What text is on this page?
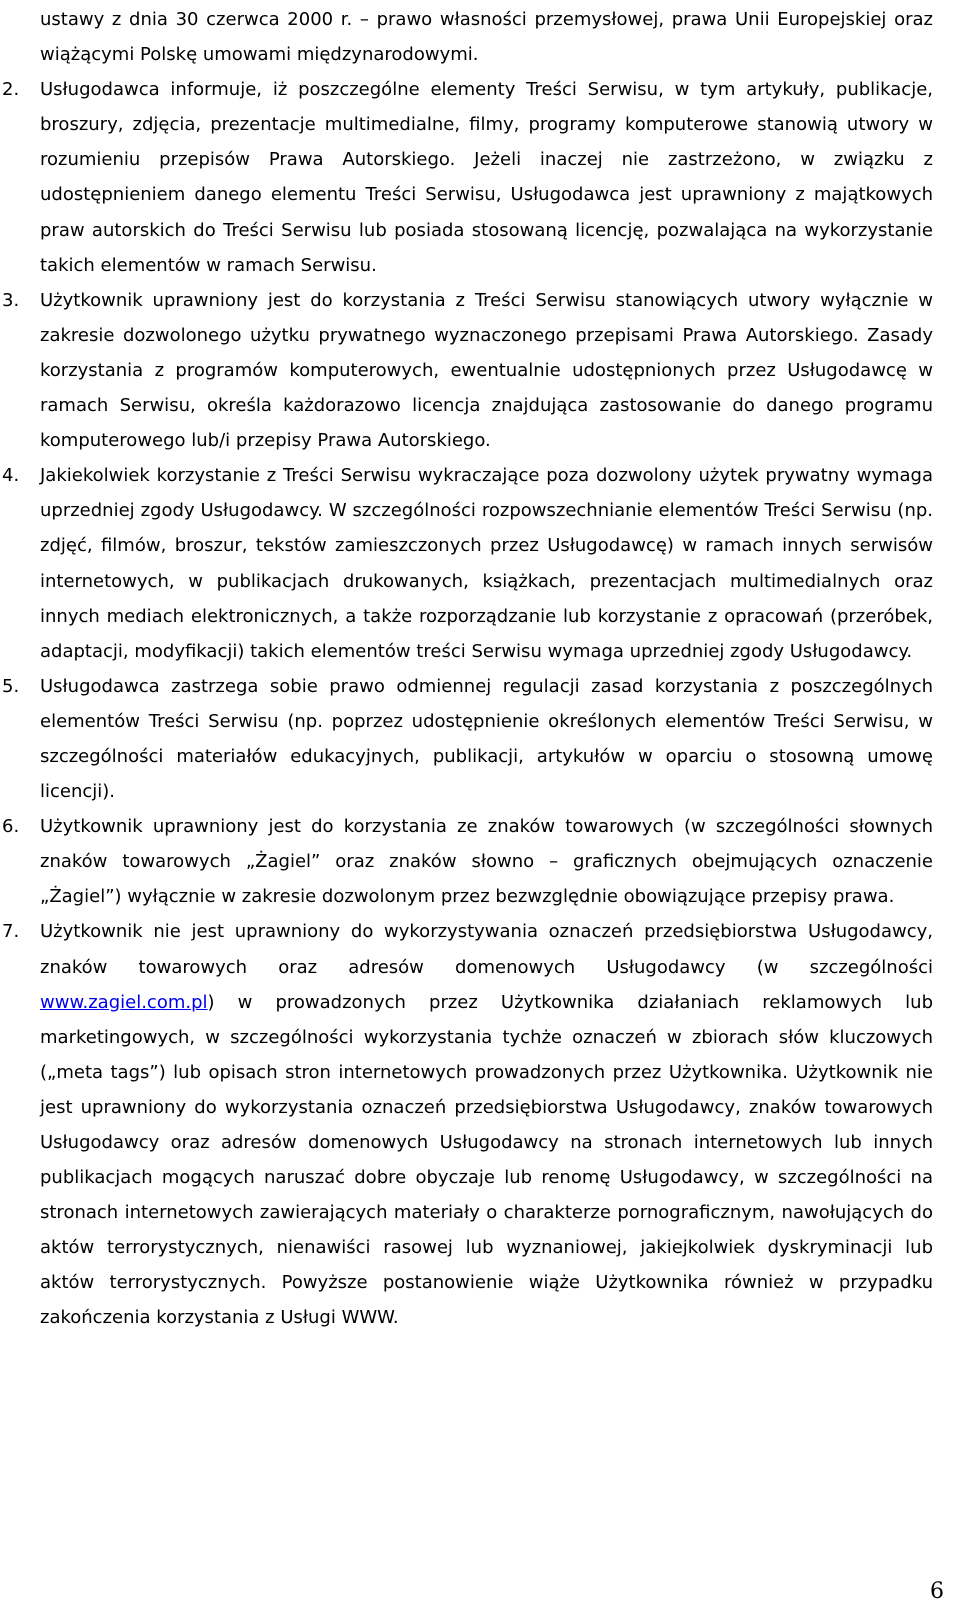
ustawy z dnia 30 czerwca 2000 r. – prawo własności przemysłowej, prawa Unii Europejskiej oraz wiążącymi Polskę umowami międzynarodowymi.

2. Usługodawca informuje, iż poszczególne elementy Treści Serwisu, w tym artykuły, publikacje, broszury, zdjęcia, prezentacje multimedialne, filmy, programy komputerowe stanowią utwory w rozumieniu przepisów Prawa Autorskiego. Jeżeli inaczej nie zastrzeżono, w związku z udostępnieniem danego elementu Treści Serwisu, Usługodawca jest uprawniony z majątkowych praw autorskich do Treści Serwisu lub posiada stosowaną licencję, pozwalająca na wykorzystanie takich elementów w ramach Serwisu.

3. Użytkownik uprawniony jest do korzystania z Treści Serwisu stanowiących utwory wyłącznie w zakresie dozwolonego użytku prywatnego wyznaczonego przepisami Prawa Autorskiego. Zasady korzystania z programów komputerowych, ewentualnie udostępnionych przez Usługodawcę w ramach Serwisu, określa każdorazowo licencja znajdująca zastosowanie do danego programu komputerowego lub/i przepisy Prawa Autorskiego.

4. Jakiekolwiek korzystanie z Treści Serwisu wykraczające poza dozwolony użytek prywatny wymaga uprzedniej zgody Usługodawcy. W szczególności rozpowszechnianie elementów Treści Serwisu (np. zdjęć, filmów, broszur, tekstów zamieszczonych przez Usługodawcę) w ramach innych serwisów internetowych, w publikacjach drukowanych, książkach, prezentacjach multimedialnych oraz innych mediach elektronicznych, a także rozporządzanie lub korzystanie z opracowań (przeróbek, adaptacji, modyfikacji) takich elementów treści Serwisu wymaga uprzedniej zgody Usługodawcy.

5. Usługodawca zastrzega sobie prawo odmiennej regulacji zasad korzystania z poszczególnych elementów Treści Serwisu (np. poprzez udostępnienie określonych elementów Treści Serwisu, w szczególności materiałów edukacyjnych, publikacji, artykułów w oparciu o stosowną umowę licencji).

6. Użytkownik uprawniony jest do korzystania ze znaków towarowych (w szczególności słownych znaków towarowych „Żagiel” oraz znaków słowno – graficznych obejmujących oznaczenie „Żagiel”) wyłącznie w zakresie dozwolonym przez bezwzględnie obowiązujące przepisy prawa.

7. Użytkownik nie jest uprawniony do wykorzystywania oznaczeń przedsiębiorstwa Usługodawcy, znaków towarowych oraz adresów domenowych Usługodawcy (w szczególności www.zagiel.com.pl) w prowadzonych przez Użytkownika działaniach reklamowych lub marketingowych, w szczególności wykorzystania tychże oznaczeń w zbiorach słów kluczowych („meta tags”) lub opisach stron internetowych prowadzonych przez Użytkownika. Użytkownik nie jest uprawniony do wykorzystania oznaczeń przedsiębiorstwa Usługodawcy, znaków towarowych Usługodawcy oraz adresów domenowych Usługodawcy na stronach internetowych lub innych publikacjach mogących naruszać dobre obyczaje lub renomę Usługodawcy, w szczególności na stronach internetowych zawierających materiały o charakterze pornograficznym, nawołujących do aktów terrorystycznych, nienawiści rasowej lub wyznaniowej, jakiejkolwiek dyskryminacji lub aktów terrorystycznych. Powyższe postanowienie wiąże Użytkownika również w przypadku zakończenia korzystania z Usługi WWW.

6
